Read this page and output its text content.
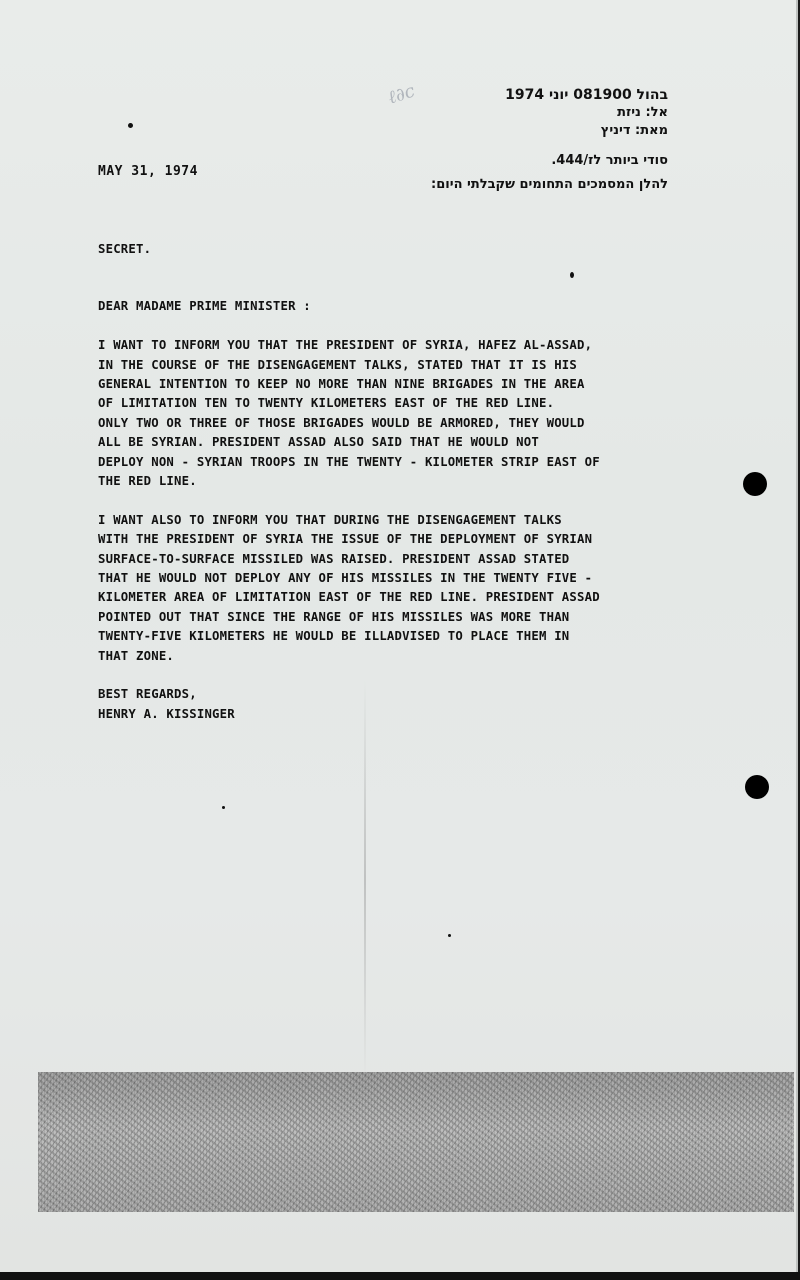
ℓ∂c	בהול 081900 יוני 1974
אל: ניזת
מאת: דיניץ
סודי ביותר לז/444.
להלן המסמכים התחומים שקבלתי היום:
MAY 31, 1974

SECRET.

DEAR MADAME PRIME MINISTER :

I WANT TO INFORM YOU THAT THE PRESIDENT OF SYRIA, HAFEZ AL-ASSAD,
IN THE COURSE OF THE DISENGAGEMENT TALKS, STATED THAT IT IS HIS
GENERAL INTENTION TO KEEP NO MORE THAN NINE BRIGADES IN THE AREA
OF LIMITATION TEN TO TWENTY KILOMETERS EAST OF THE RED LINE.
ONLY TWO OR THREE OF THOSE BRIGADES WOULD BE ARMORED, THEY WOULD
ALL BE SYRIAN. PRESIDENT ASSAD ALSO SAID THAT HE WOULD NOT
DEPLOY NON - SYRIAN TROOPS IN THE TWENTY - KILOMETER STRIP EAST OF
THE RED LINE.

I WANT ALSO TO INFORM YOU THAT DURING THE DISENGAGEMENT TALKS
WITH THE PRESIDENT OF SYRIA THE ISSUE OF THE DEPLOYMENT OF SYRIAN
SURFACE-TO-SURFACE MISSILED WAS RAISED. PRESIDENT ASSAD STATED
THAT HE WOULD NOT DEPLOY ANY OF HIS MISSILES IN THE TWENTY FIVE -
KILOMETER AREA OF LIMITATION EAST OF THE RED LINE. PRESIDENT ASSAD
POINTED OUT THAT SINCE THE RANGE OF HIS MISSILES WAS MORE THAN
TWENTY-FIVE KILOMETERS HE WOULD BE ILLADVISED TO PLACE THEM IN
THAT ZONE.

BEST REGARDS,

HENRY A. KISSINGER
